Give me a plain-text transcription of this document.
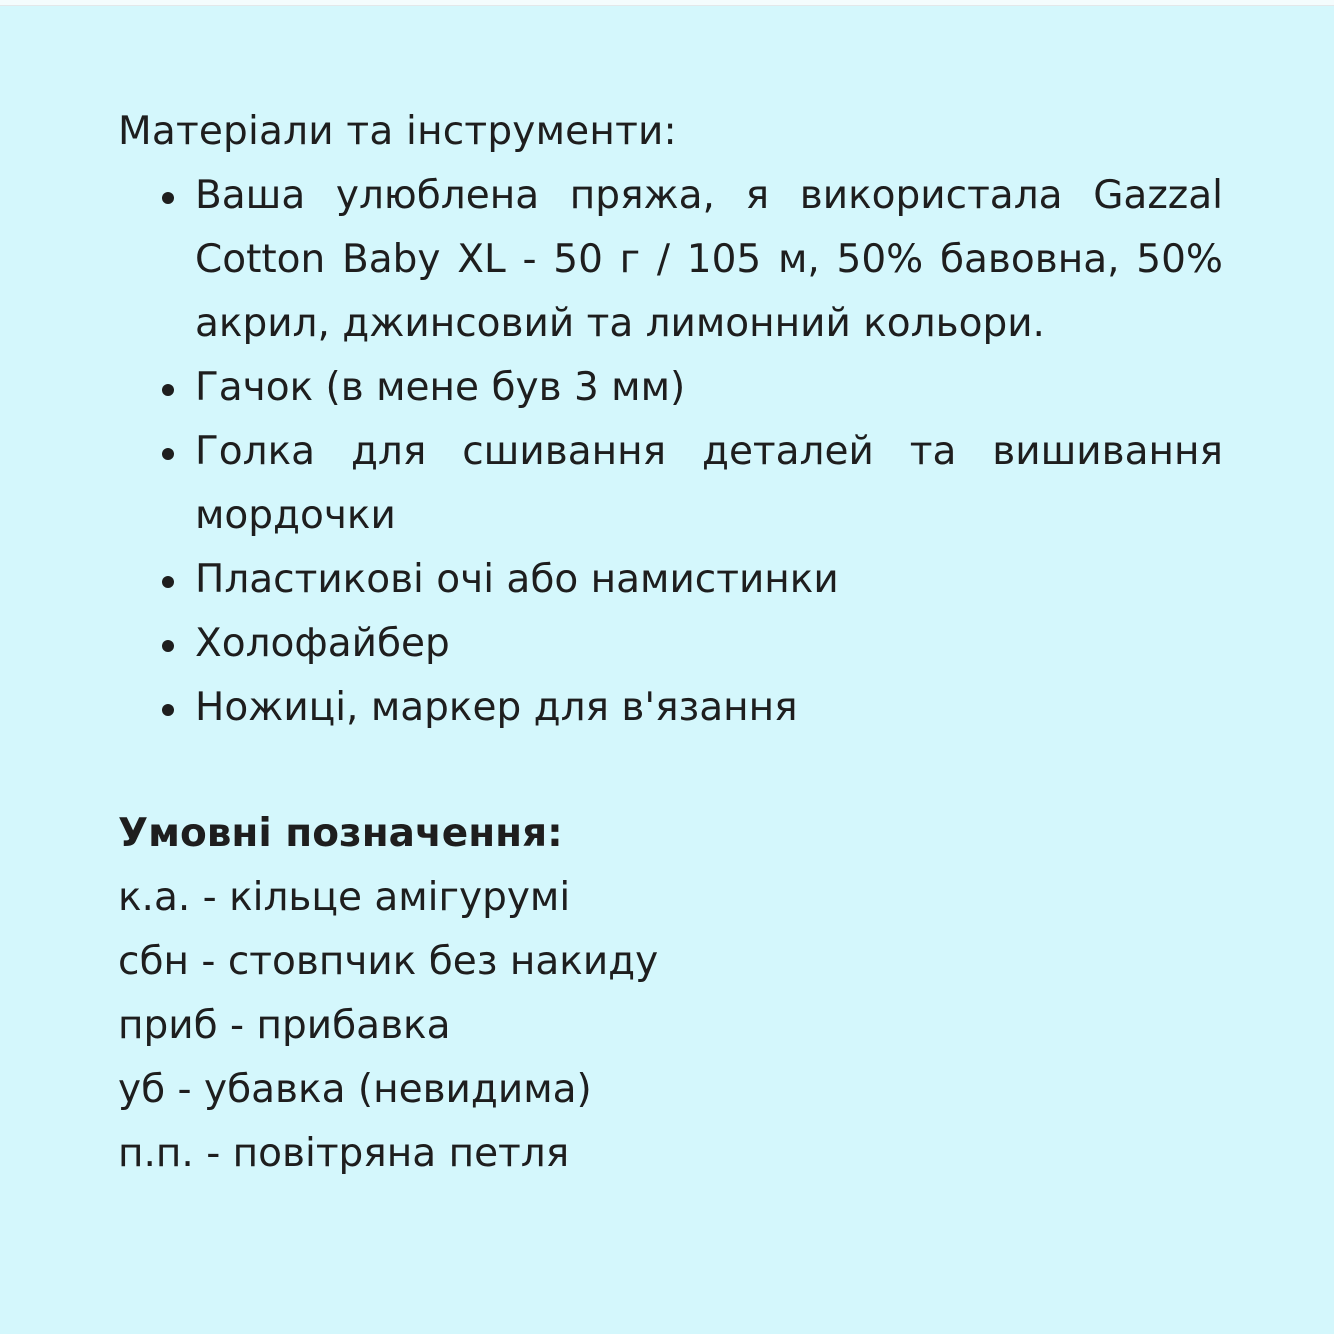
Матеріали та інструменти:

Ваша улюблена пряжа, я використала Gazzal Cotton Baby XL - 50 г / 105 м, 50% бавовна, 50% акрил, джинсовий та лимонний кольори.
Гачок (в мене був 3 мм)
Голка для сшивання деталей та вишивання мордочки
Пластикові очі або намистинки
Холофайбер
Ножиці, маркер для в'язання

Умовні позначення:

к.а. - кільце амігурумі

сбн - стовпчик без накиду

приб - прибавка

уб - убавка (невидима)

п.п. - повітряна петля
